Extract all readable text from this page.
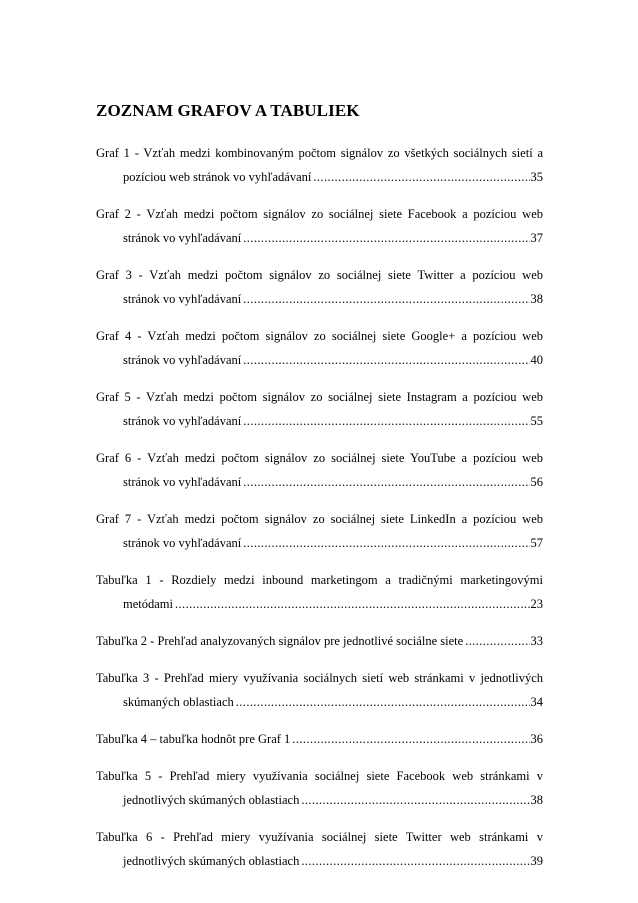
ZOZNAM GRAFOV A TABULIEK
Graf 1 - Vzťah medzi kombinovaným počtom signálov zo všetkých sociálnych sietí a
pozíciou web stránok vo vyhľadávaní .....	35
Graf 2 - Vzťah medzi počtom signálov zo sociálnej siete Facebook a pozíciou web
stránok vo vyhľadávaní .....	37
Graf 3 - Vzťah medzi počtom signálov zo sociálnej siete Twitter a pozíciou web
stránok vo vyhľadávaní .....	38
Graf 4 - Vzťah medzi počtom signálov zo sociálnej siete Google+ a pozíciou web
stránok vo vyhľadávaní .....	40
Graf 5 - Vzťah medzi počtom signálov zo sociálnej siete Instagram a pozíciou web
stránok vo vyhľadávaní .....	55
Graf 6 - Vzťah medzi počtom signálov zo sociálnej siete YouTube a pozíciou web
stránok vo vyhľadávaní .....	56
Graf 7 - Vzťah medzi počtom signálov zo sociálnej siete LinkedIn a pozíciou web
stránok vo vyhľadávaní .....	57
Tabuľka 1 - Rozdiely medzi inbound marketingom a tradičnými marketingovými
metódami .....	23
Tabuľka 2 - Prehľad analyzovaných signálov pre jednotlivé sociálne siete .....	33
Tabuľka 3 - Prehľad miery využívania sociálnych sietí web stránkami v jednotlivých
skúmaných oblastiach .....	34
Tabuľka 4 – tabuľka hodnôt pre Graf 1 .....	36
Tabuľka 5 - Prehľad miery využívania sociálnej siete Facebook web stránkami v
jednotlivých skúmaných oblastiach .....	38
Tabuľka 6 - Prehľad miery využívania sociálnej siete Twitter web stránkami v
jednotlivých skúmaných oblastiach .....	39
